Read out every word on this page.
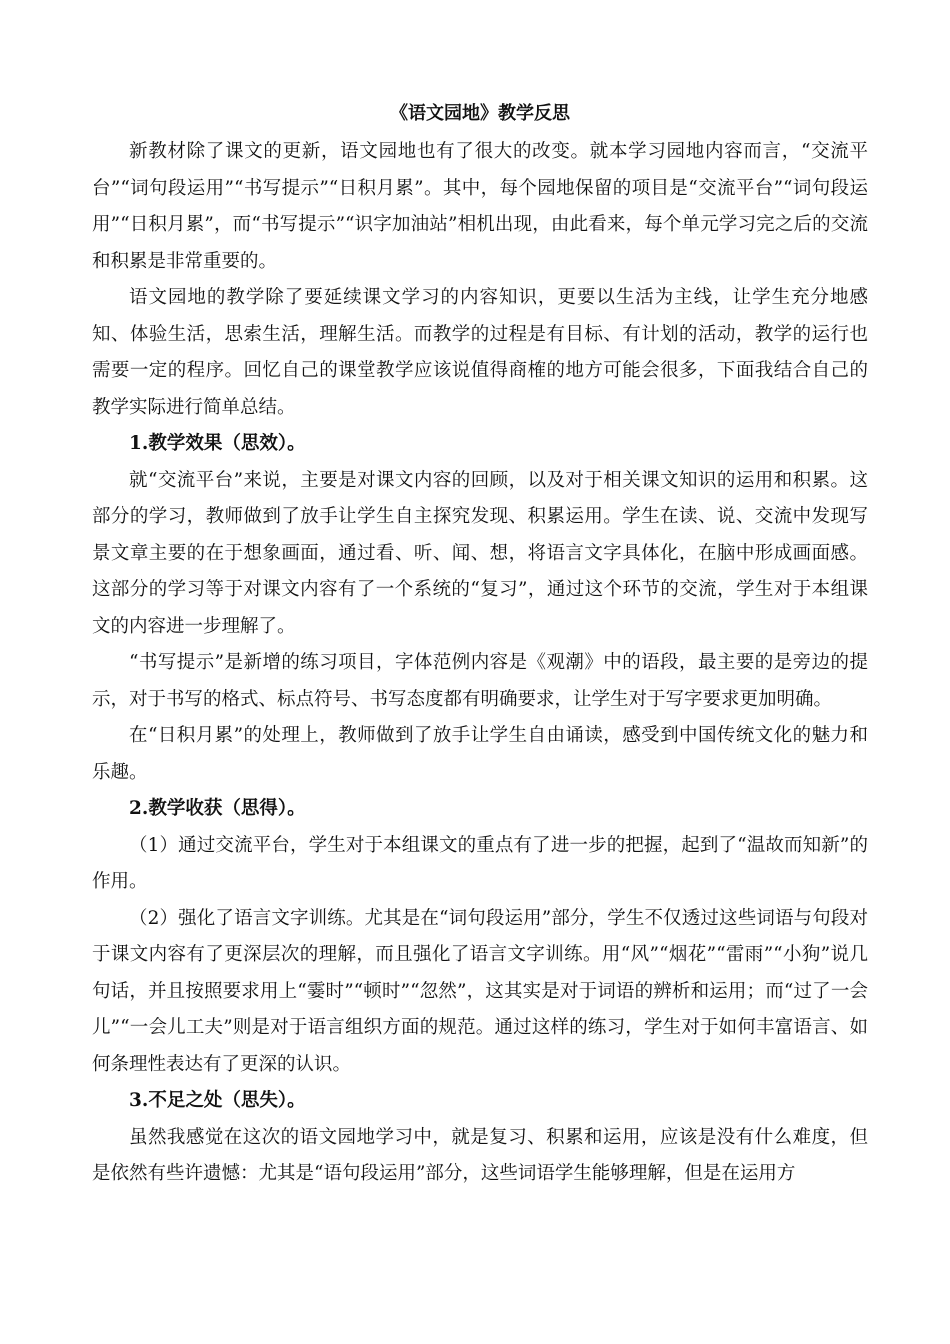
《语文园地》教学反思

新教材除了课文的更新，语文园地也有了很大的改变。就本学习园地内容而言，“交流平台”“词句段运用”“书写提示”“日积月累”。其中，每个园地保留的项目是“交流平台”“词句段运用”“日积月累”，而“书写提示”“识字加油站”相机出现，由此看来，每个单元学习完之后的交流和积累是非常重要的。

语文园地的教学除了要延续课文学习的内容知识，更要以生活为主线，让学生充分地感知、体验生活，思索生活，理解生活。而教学的过程是有目标、有计划的活动，教学的运行也需要一定的程序。回忆自己的课堂教学应该说值得商榷的地方可能会很多，下面我结合自己的教学实际进行简单总结。

1.教学效果（思效）。

就“交流平台”来说，主要是对课文内容的回顾，以及对于相关课文知识的运用和积累。这部分的学习，教师做到了放手让学生自主探究发现、积累运用。学生在读、说、交流中发现写景文章主要的在于想象画面，通过看、听、闻、想，将语言文字具体化，在脑中形成画面感。这部分的学习等于对课文内容有了一个系统的“复习”，通过这个环节的交流，学生对于本组课文的内容进一步理解了。

“书写提示”是新增的练习项目，字体范例内容是《观潮》中的语段，最主要的是旁边的提示，对于书写的格式、标点符号、书写态度都有明确要求，让学生对于写字要求更加明确。

在“日积月累”的处理上，教师做到了放手让学生自由诵读，感受到中国传统文化的魅力和乐趣。

2.教学收获（思得）。

（1）通过交流平台，学生对于本组课文的重点有了进一步的把握，起到了“温故而知新”的作用。

（2）强化了语言文字训练。尤其是在“词句段运用”部分，学生不仅透过这些词语与句段对于课文内容有了更深层次的理解，而且强化了语言文字训练。用“风”“烟花”“雷雨”“小狗”说几句话，并且按照要求用上“霎时”“顿时”“忽然”，这其实是对于词语的辨析和运用；而“过了一会儿”“一会儿工夫”则是对于语言组织方面的规范。通过这样的练习，学生对于如何丰富语言、如何条理性表达有了更深的认识。

3.不足之处（思失）。

虽然我感觉在这次的语文园地学习中，就是复习、积累和运用，应该是没有什么难度，但是依然有些许遗憾：尤其是“语句段运用”部分，这些词语学生能够理解，但是在运用方
